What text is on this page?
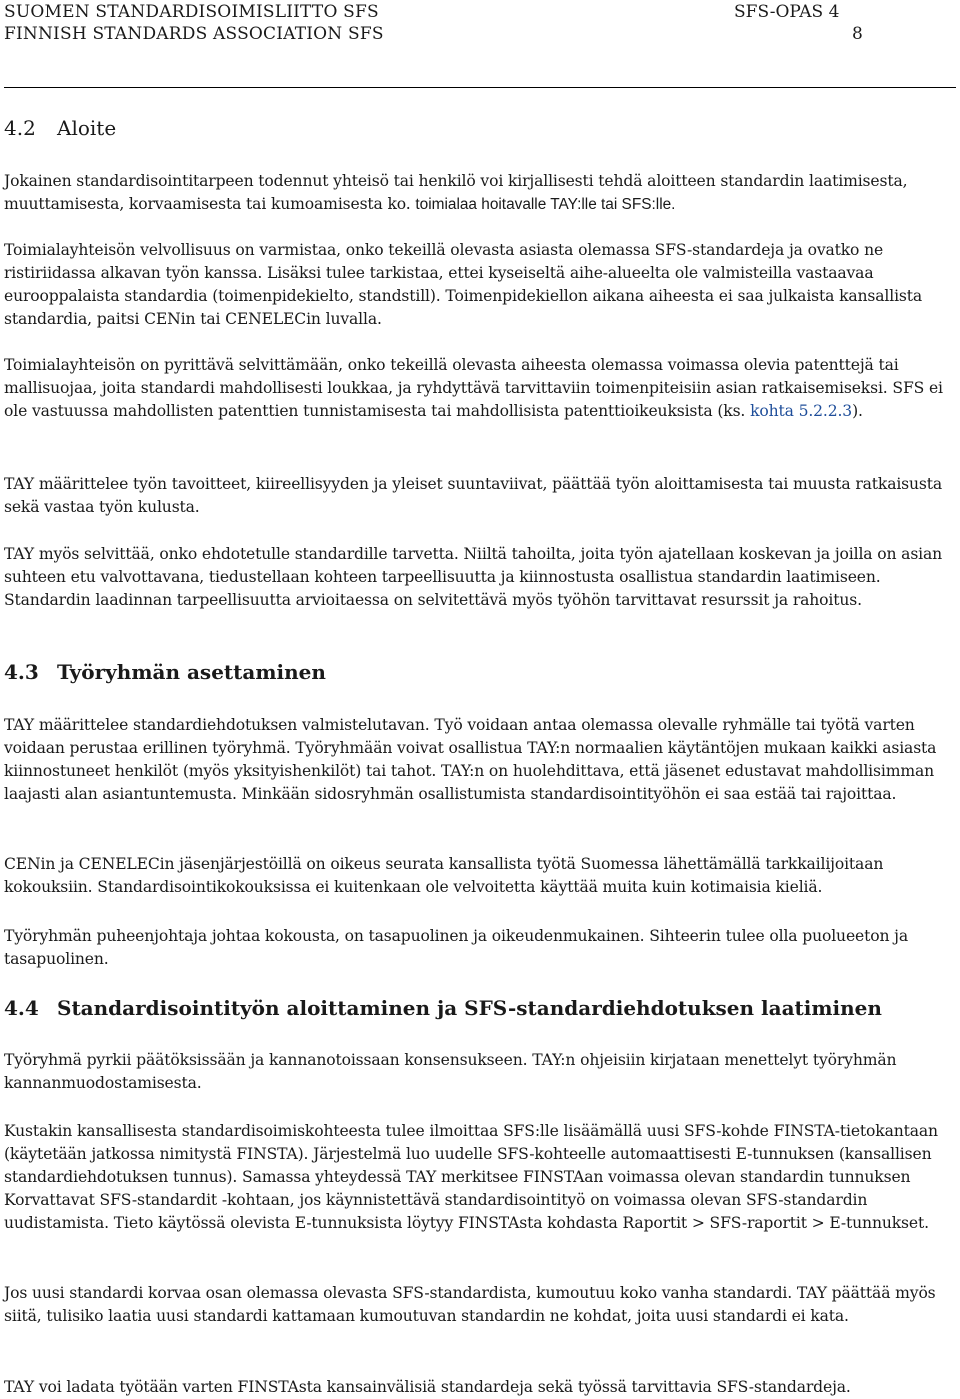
SUOMEN STANDARDISOIMISLIITTO SFS
FINNISH STANDARDS ASSOCIATION SFS
SFS-OPAS 4
8
4.2	Aloite

Jokainen standardisointitarpeen todennut yhteisö tai henkilö voi kirjallisesti tehdä aloitteen standardin laatimisesta, muuttamisesta, korvaamisesta tai kumoamisesta ko. toimialaa hoitavalle TAY:lle tai SFS:lle.

Toimialayhteisön velvollisuus on varmistaa, onko tekeillä olevasta asiasta olemassa SFS-standardeja ja ovatko ne ristiriidassa alkavan työn kanssa. Lisäksi tulee tarkistaa, ettei kyseiseltä aihe-alueelta ole valmisteilla vastaavaa eurooppalaista standardia (toimenpidekielto, standstill). Toimenpidekiellon aikana aiheesta ei saa julkaista kansallista standardia, paitsi CENin tai CENELECin luvalla.

Toimialayhteisön on pyrittävä selvittämään, onko tekeillä olevasta aiheesta olemassa voimassa olevia patenttejä tai mallisuojaa, joita standardi mahdollisesti loukkaa, ja ryhdyttävä tarvittaviin toimenpiteisiin asian ratkaisemiseksi. SFS ei ole vastuussa mahdollisten patenttien tunnistamisesta tai mahdollisista patenttioikeuksista (ks. kohta 5.2.2.3).

TAY määrittelee työn tavoitteet, kiireellisyyden ja yleiset suuntaviivat, päättää työn aloittamisesta tai muusta ratkaisusta sekä vastaa työn kulusta.

TAY myös selvittää, onko ehdotetulle standardille tarvetta. Niiltä tahoilta, joita työn ajatellaan koskevan ja joilla on asian suhteen etu valvottavana, tiedustellaan kohteen tarpeellisuutta ja kiinnostusta osallistua standardin laatimiseen. Standardin laadinnan tarpeellisuutta arvioitaessa on selvitettävä myös työhön tarvittavat resurssit ja rahoitus.

4.3 Työryhmän asettaminen

TAY määrittelee standardiehdotuksen valmistelutavan. Työ voidaan antaa olemassa olevalle ryhmälle tai työtä varten voidaan perustaa erillinen työryhmä. Työryhmään voivat osallistua TAY:n normaalien käytäntöjen mukaan kaikki asiasta kiinnostuneet henkilöt (myös yksityishenkilöt) tai tahot. TAY:n on huolehdittava, että jäsenet edustavat mahdollisimman laajasti alan asiantuntemusta. Minkään sidosryhmän osallistumista standardisointityöhön ei saa estää tai rajoittaa.

CENin ja CENELECin jäsenjärjestöillä on oikeus seurata kansallista työtä Suomessa lähettämällä tarkkailijoitaan kokouksiin. Standardisointikokouksissa ei kuitenkaan ole velvoitetta käyttää muita kuin kotimaisia kieliä.

Työryhmän puheenjohtaja johtaa kokousta, on tasapuolinen ja oikeudenmukainen. Sihteerin tulee olla puolueeton ja tasapuolinen.

4.4 Standardisointityön aloittaminen ja SFS-standardiehdotuksen laatiminen

Työryhmä pyrkii päätöksissään ja kannanotoissaan konsensukseen. TAY:n ohjeisiin kirjataan menettelyt työryhmän kannanmuodostamisesta.

Kustakin kansallisesta standardisoimiskohteesta tulee ilmoittaa SFS:lle lisäämällä uusi SFS-kohde FINSTA-tietokantaan (käytetään jatkossa nimitystä FINSTA). Järjestelmä luo uudelle SFS-kohteelle automaattisesti E-tunnuksen (kansallisen standardiehdotuksen tunnus). Samassa yhteydessä TAY merkitsee FINSTAan voimassa olevan standardin tunnuksen Korvattavat SFS-standardit -kohtaan, jos käynnistettävä standardisointityö on voimassa olevan SFS-standardin uudistamista. Tieto käytössä olevista E-tunnuksista löytyy FINSTAsta kohdasta Raportit > SFS-raportit > E-tunnukset.

Jos uusi standardi korvaa osan olemassa olevasta SFS-standardista, kumoutuu koko vanha standardi. TAY päättää myös siitä, tulisiko laatia uusi standardi kattamaan kumoutuvan standardin ne kohdat, joita uusi standardi ei kata.

TAY voi ladata työtään varten FINSTAsta kansainvälisiä standardeja sekä työssä tarvittavia SFS-standardeja.
